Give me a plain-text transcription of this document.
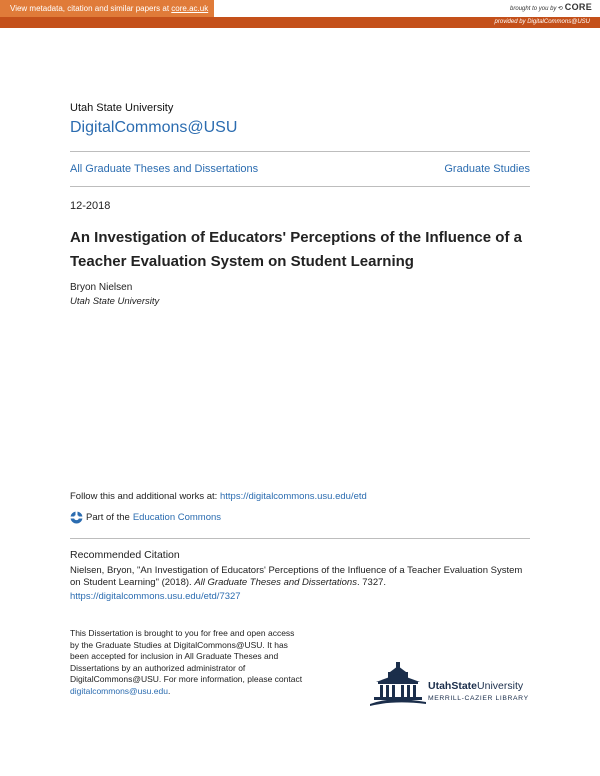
View metadata, citation and similar papers at core.ac.uk	brought to you by ⟲ CORE
provided by DigitalCommons@USU
Utah State University
DigitalCommons@USU
All Graduate Theses and Dissertations	Graduate Studies
12-2018
An Investigation of Educators' Perceptions of the Influence of a Teacher Evaluation System on Student Learning
Bryon Nielsen
Utah State University
Follow this and additional works at: https://digitalcommons.usu.edu/etd
Part of the Education Commons
Recommended Citation
Nielsen, Bryon, "An Investigation of Educators' Perceptions of the Influence of a Teacher Evaluation System on Student Learning" (2018). All Graduate Theses and Dissertations. 7327.
https://digitalcommons.usu.edu/etd/7327
This Dissertation is brought to you for free and open access by the Graduate Studies at DigitalCommons@USU. It has been accepted for inclusion in All Graduate Theses and Dissertations by an authorized administrator of DigitalCommons@USU. For more information, please contact digitalcommons@usu.edu.	UtahStateUniversity
MERRILL-CAZIER LIBRARY
